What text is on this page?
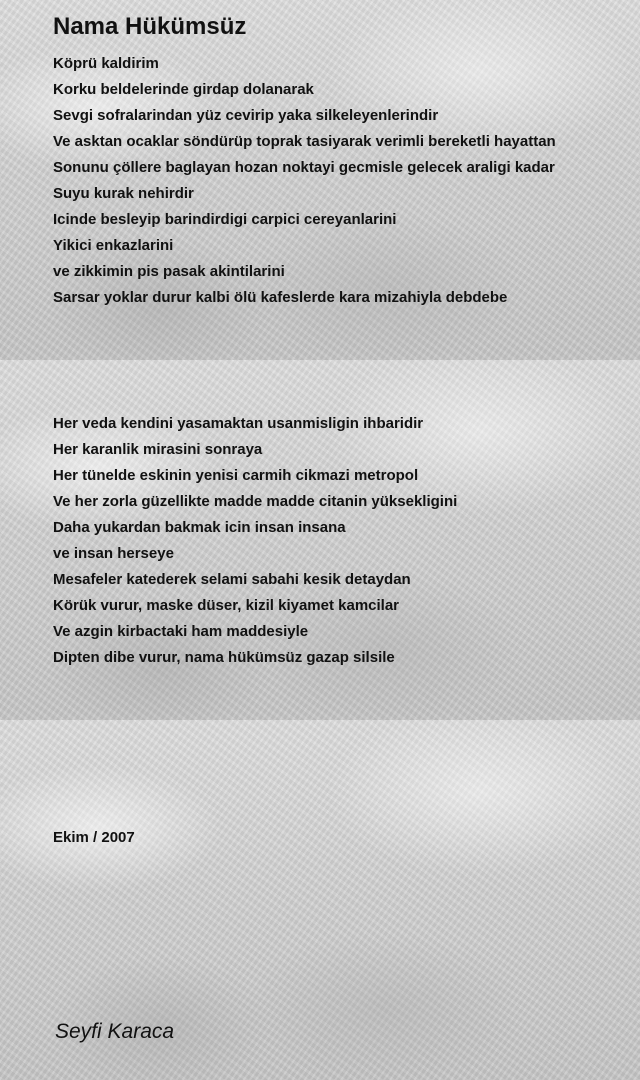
Nama Hükümsüz
Köprü kaldirim
Korku beldelerinde girdap dolanarak
Sevgi sofralarindan yüz cevirip yaka silkeleyenlerindir
Ve asktan ocaklar söndürüp toprak tasiyarak verimli bereketli hayattan
Sonunu çöllere baglayan hozan noktayi gecmisle gelecek araligi kadar
Suyu kurak nehirdir
Icinde besleyip barindirdigi carpici cereyanlarini
Yikici enkazlarini
ve zikkimin pis pasak akintilarini
Sarsar yoklar durur kalbi ölü kafeslerde kara mizahiyla debdebe
Her veda kendini yasamaktan usanmisligin ihbaridir
Her karanlik mirasini sonraya
Her tünelde eskinin yenisi carmih cikmazi metropol
Ve her zorla güzellikte madde madde citanin yüksekligini
Daha yukardan bakmak icin insan insana
ve insan herseye
Mesafeler katederek selami sabahi kesik detaydan
Körük vurur, maske düser, kizil kiyamet kamcilar
Ve azgin kirbactaki ham maddesiyle
Dipten dibe vurur, nama hükümsüz gazap silsile
Ekim / 2007
Seyfi Karaca
